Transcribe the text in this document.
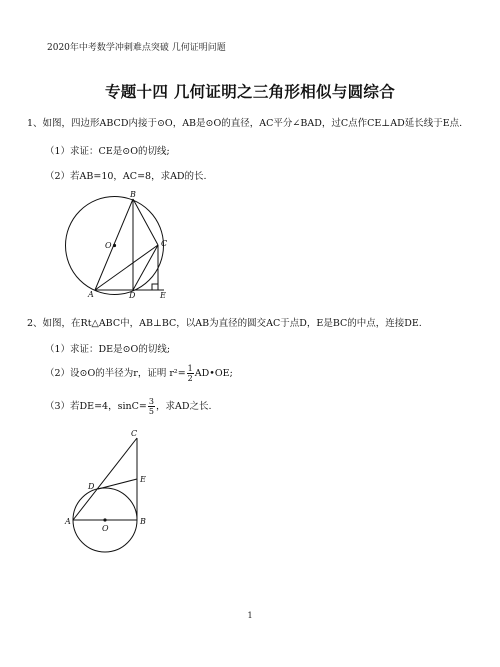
2020年中考数学冲刺难点突破 几何证明问题
专题十四 几何证明之三角形相似与圆综合
1、如图，四边形ABCD内接于⊙O，AB是⊙O的直径，AC平分∠BAD，过C点作CE⊥AD延长线于E点.
（1）求证：CE是⊙O的切线;
（2）若AB=10，AC=8，求AD的长.
B
O	C
A	D	E
2、如图，在Rt△ABC中，AB⊥BC，以AB为直径的圆交AC于点D，E是BC的中点，连接DE.
（1）求证：DE是⊙O的切线;
（2）设⊙O的半径为r，证明 $r^2= \frac{1}{2}$ AD•OE;
（3）若DE=4，$\sin C= \frac{3}{5}$ ，求AD之长.
C
D
E
A
O
B
1
